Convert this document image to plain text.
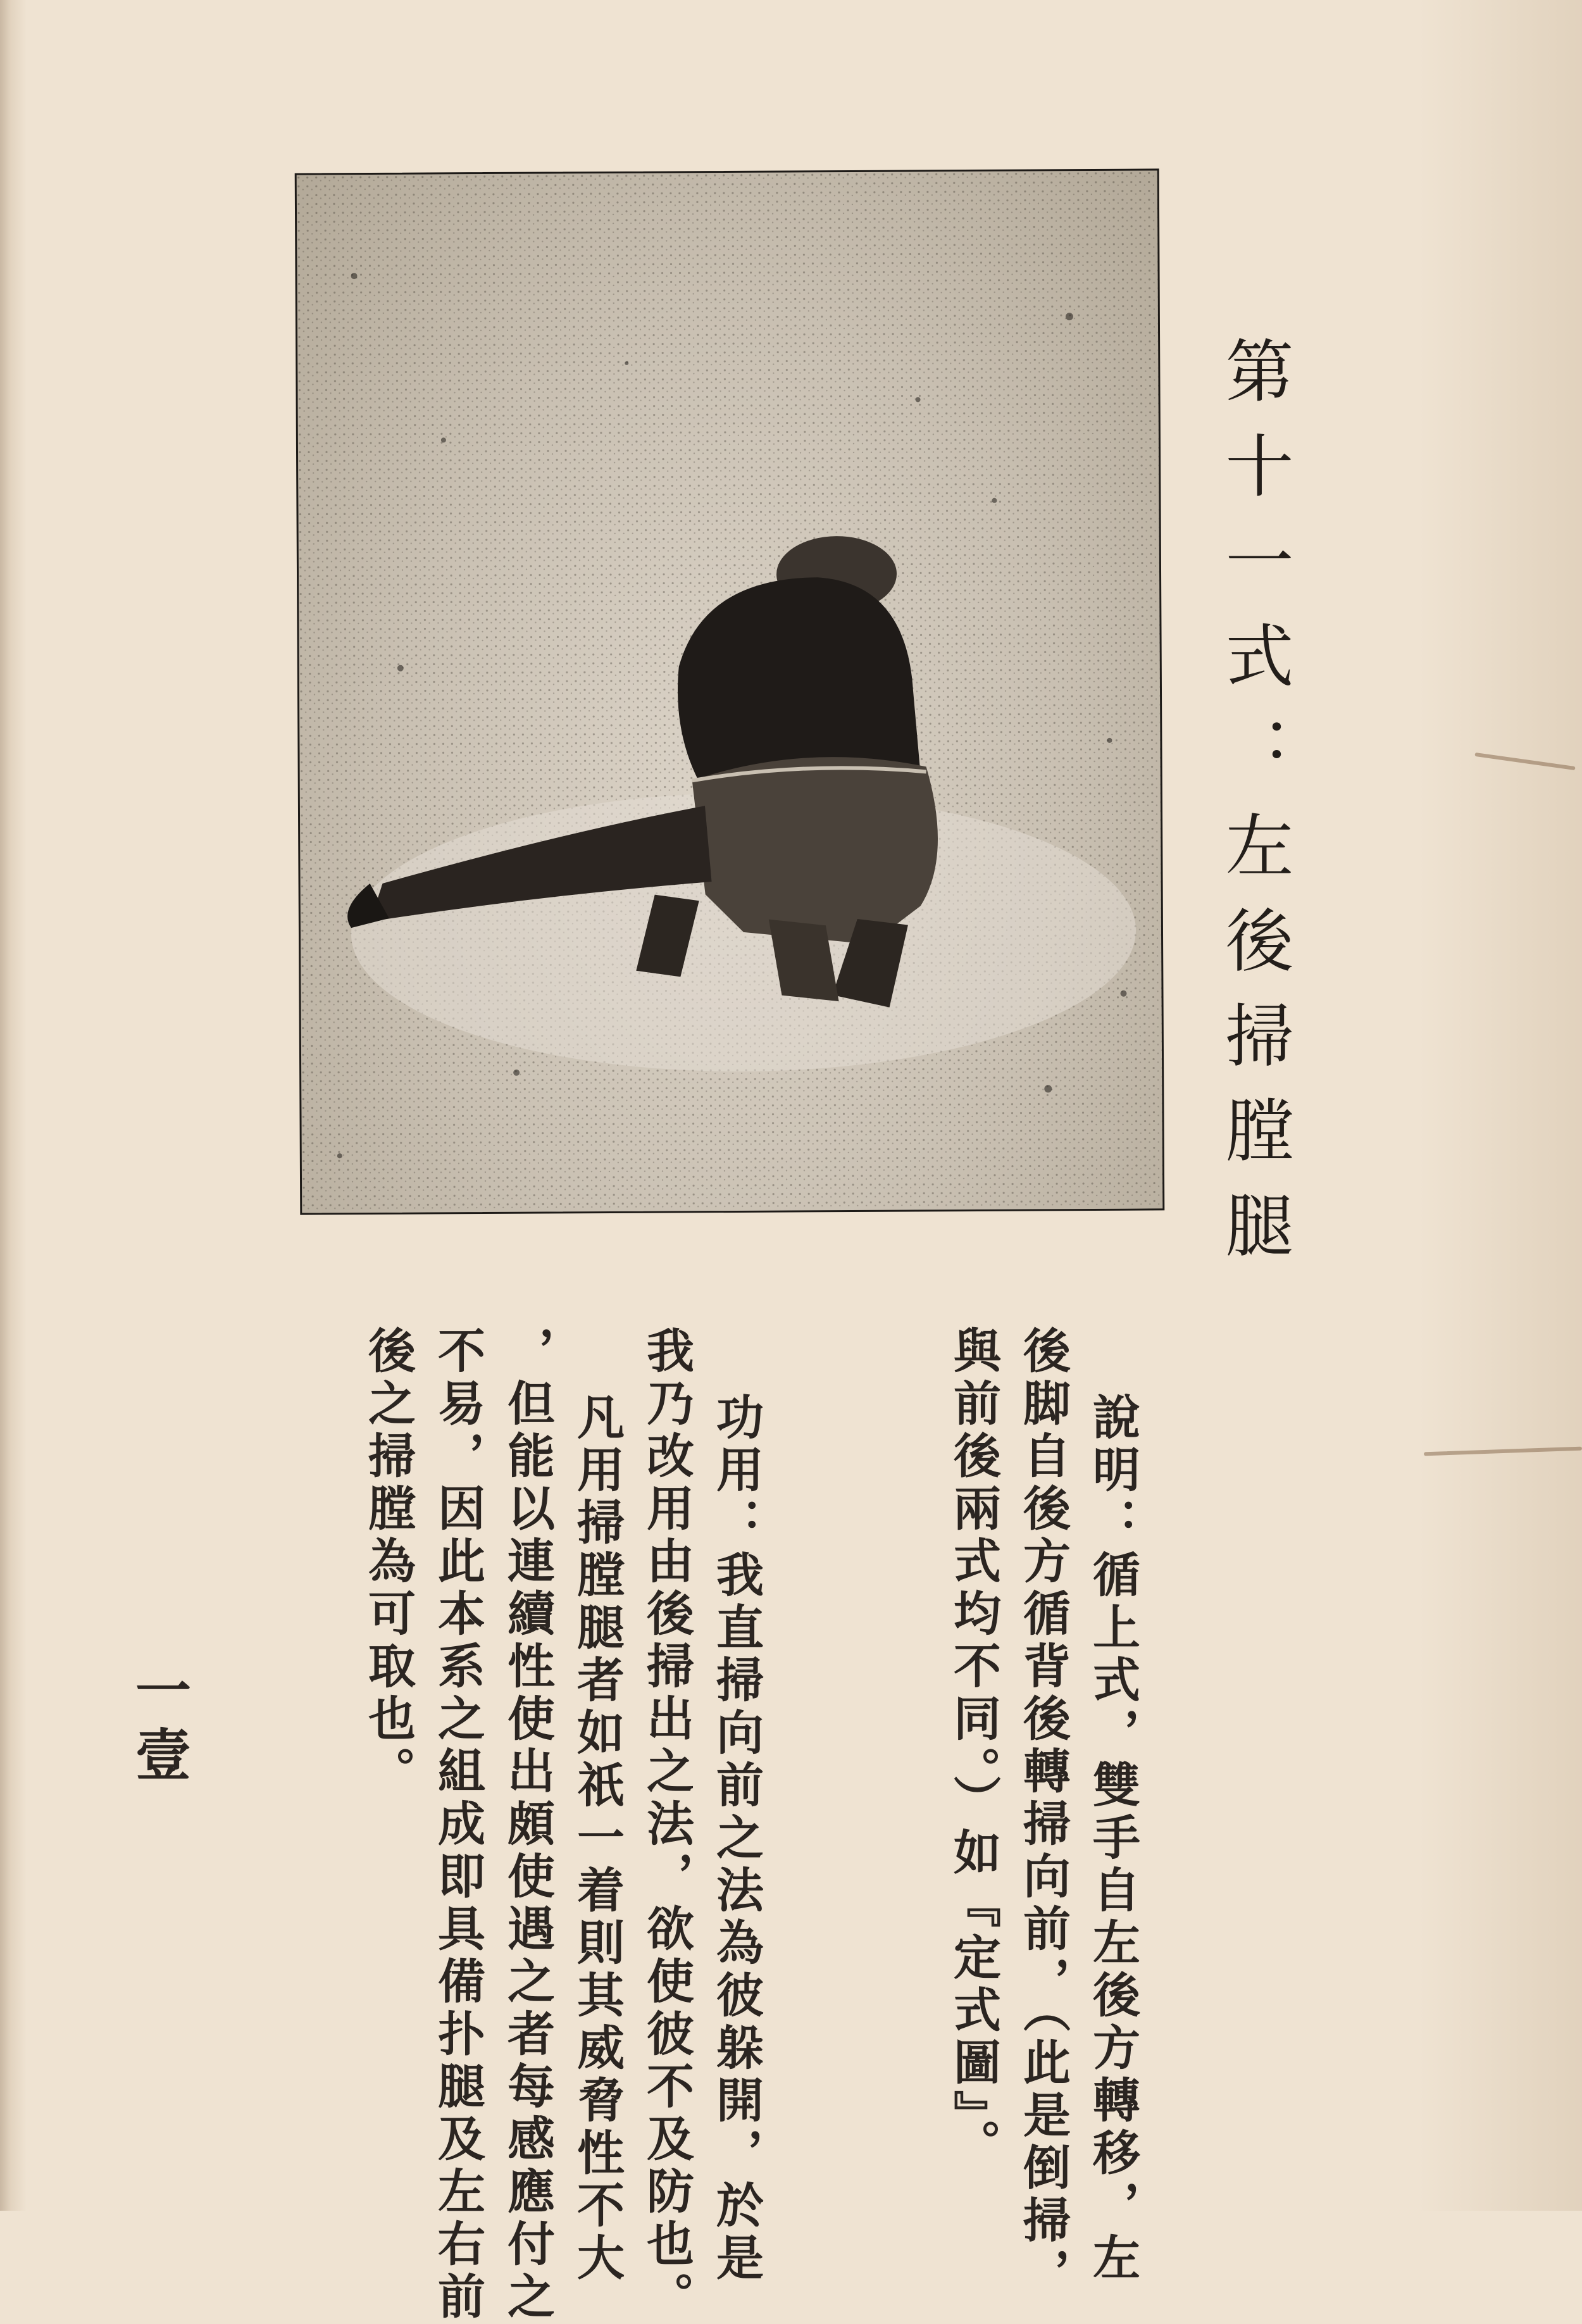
第十一式：左後掃膛腿
說明：循上式，雙手自左後方轉移，左
後脚自後方循背後轉掃向前，（此是倒掃，
與前後兩式均不同。）如『定式圖』。
功用：我直掃向前之法為彼躲開，於是
我乃改用由後掃出之法，欲使彼不及防也。
凡用掃膛腿者如祇一着則其威脅性不大
，但能以連續性使出頗使遇之者每感應付之
不易，因此本系之組成即具備扑腿及左右前
後之掃膛為可取也。
一壹
